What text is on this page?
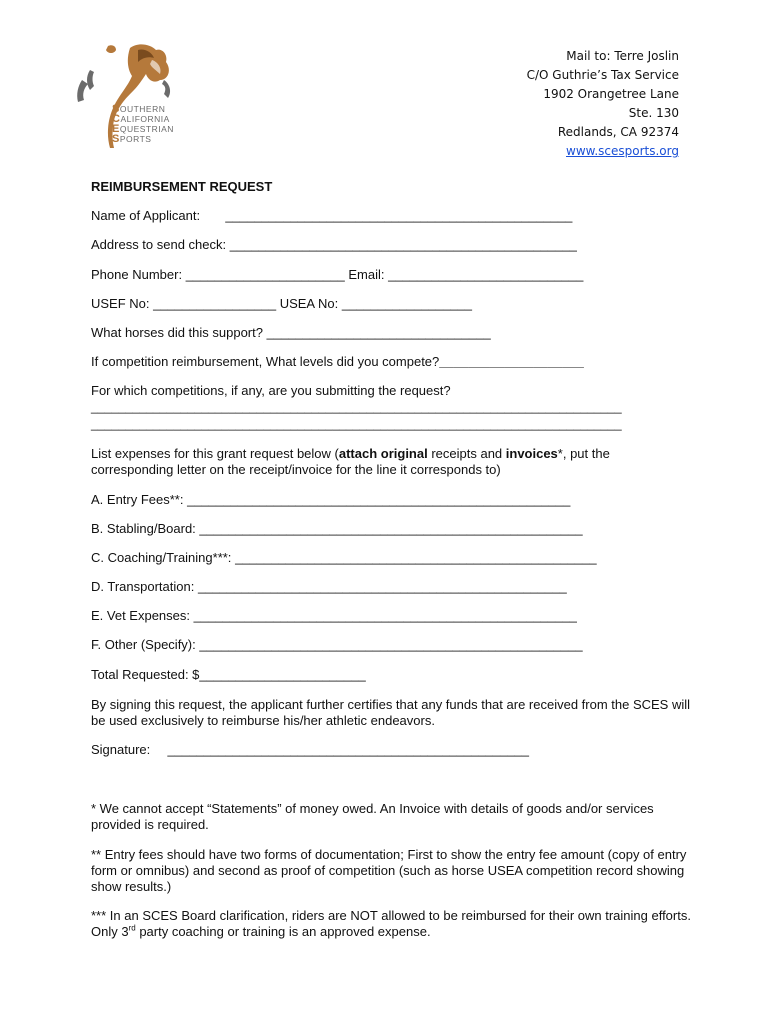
SOUTHERN
CALIFORNIA
EQUESTRIAN
SPORTS
Mail to: Terre Joslin
C/O Guthrie’s Tax Service
1902 Orangetree Lane
Ste. 130
Redlands, CA 92374
www.scesports.org
REIMBURSEMENT REQUEST
Name of Applicant: ________________________________________________
Address to send check: ________________________________________________
Phone Number: ______________________ Email: ___________________________
USEF No: _________________ USEA No: __________________
What horses did this support? _______________________________
If competition reimbursement, What levels did you compete?____________________
For which competitions, if any, are you submitting the request?
_____________________________________________________________________________
_____________________________________________________________________________
List expenses for this grant request below (attach original receipts and invoices*, put the corresponding letter on the receipt/invoice for the line it corresponds to)
A. Entry Fees**: _____________________________________________________
B. Stabling/Board: _____________________________________________________
C. Coaching/Training***: __________________________________________________
D. Transportation: ___________________________________________________
E. Vet Expenses: _____________________________________________________
F. Other (Specify): _____________________________________________________
Total Requested: $_______________________
By signing this request, the applicant further certifies that any funds that are received from the SCES will be used exclusively to reimburse his/her athletic endeavors.
Signature: __________________________________________________
* We cannot accept “Statements” of money owed. An Invoice with details of goods and/or services provided is required.
** Entry fees should have two forms of documentation; First to show the entry fee amount (copy of entry form or omnibus) and second as proof of competition (such as horse USEA competition record showing show results.)
*** In an SCES Board clarification, riders are NOT allowed to be reimbursed for their own training efforts. Only 3rd party coaching or training is an approved expense.
